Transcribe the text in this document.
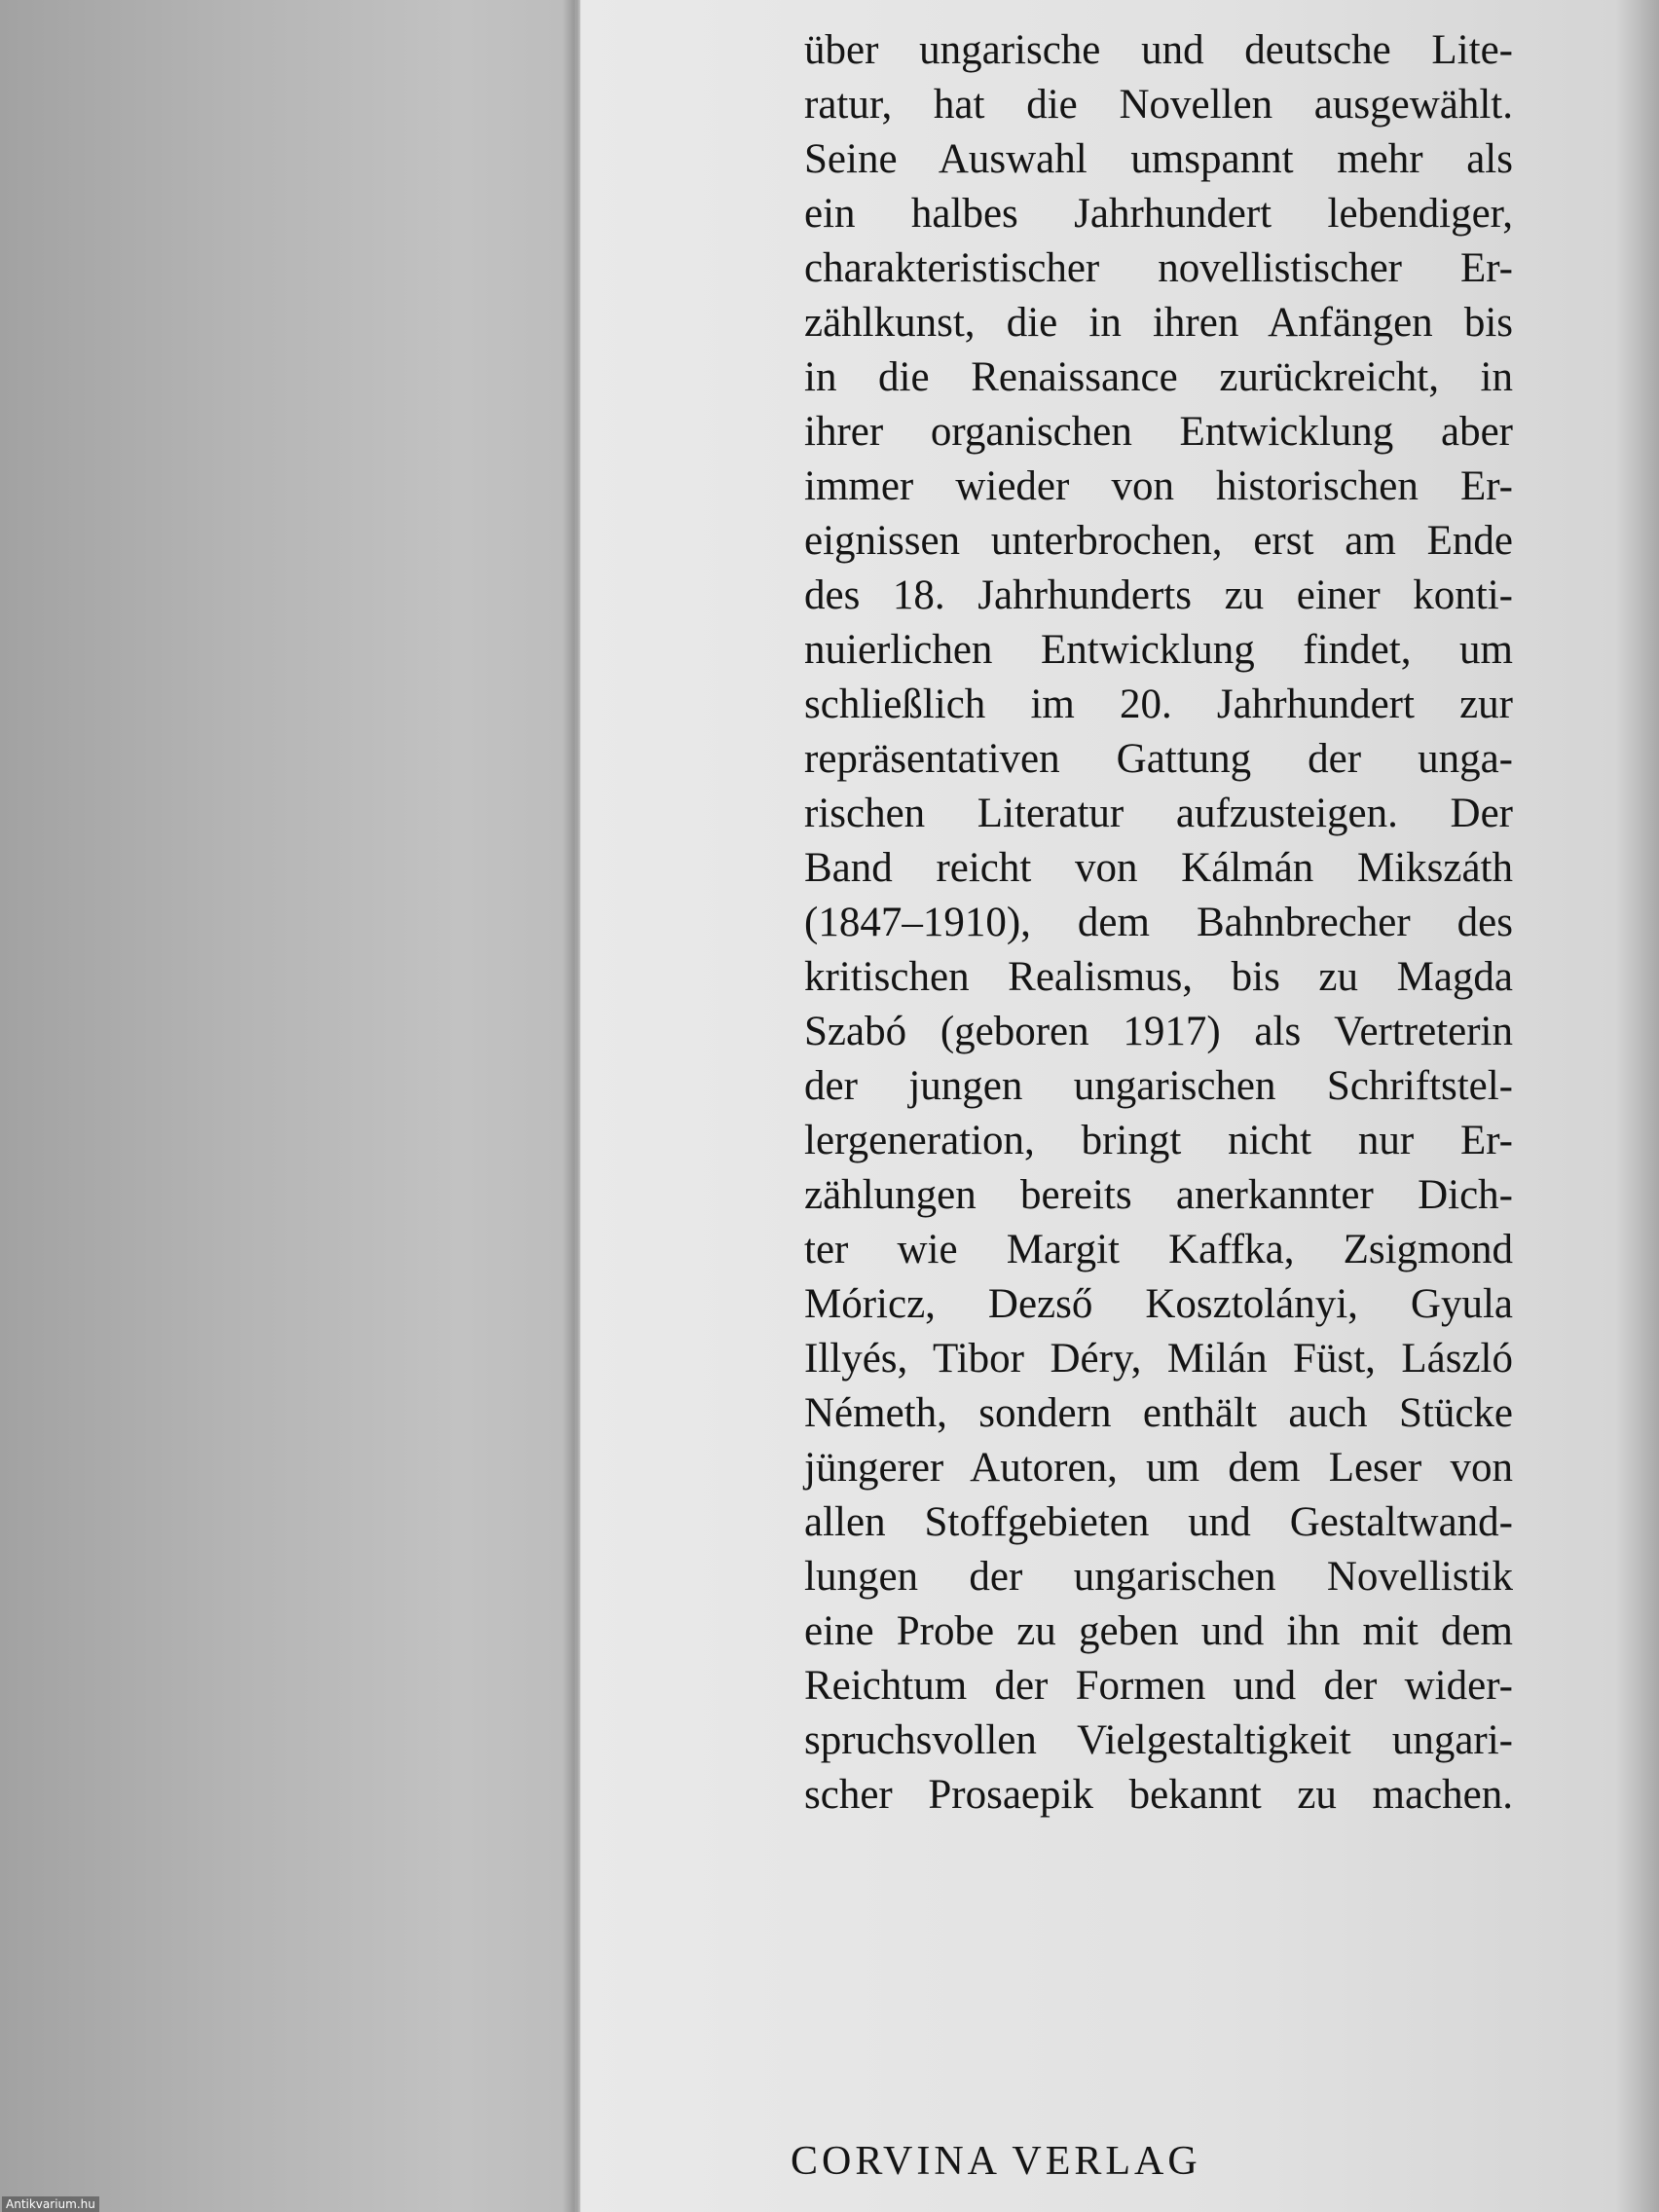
über ungarische und deutsche Lite-
ratur, hat die Novellen ausgewählt.
Seine Auswahl umspannt mehr als
ein halbes Jahrhundert lebendiger,
charakteristischer novellistischer Er-
zählkunst, die in ihren Anfängen bis
in die Renaissance zurückreicht, in
ihrer organischen Entwicklung aber
immer wieder von historischen Er-
eignissen unterbrochen, erst am Ende
des 18. Jahrhunderts zu einer konti-
nuierlichen Entwicklung findet, um
schließlich im 20. Jahrhundert zur
repräsentativen Gattung der unga-
rischen Literatur aufzusteigen. Der
Band reicht von Kálmán Mikszáth
(1847–1910), dem Bahnbrecher des
kritischen Realismus, bis zu Magda
Szabó (geboren 1917) als Vertreterin
der jungen ungarischen Schriftstel-
lergeneration, bringt nicht nur Er-
zählungen bereits anerkannter Dich-
ter wie Margit Kaffka, Zsigmond
Móricz, Dezső Kosztolányi, Gyula
Illyés, Tibor Déry, Milán Füst, László
Németh, sondern enthält auch Stücke
jüngerer Autoren, um dem Leser von
allen Stoffgebieten und Gestaltwand-
lungen der ungarischen Novellistik
eine Probe zu geben und ihn mit dem
Reichtum der Formen und der wider-
spruchsvollen Vielgestaltigkeit ungari-
scher Prosaepik bekannt zu machen.
CORVINA VERLAG
Antikvarium.hu
